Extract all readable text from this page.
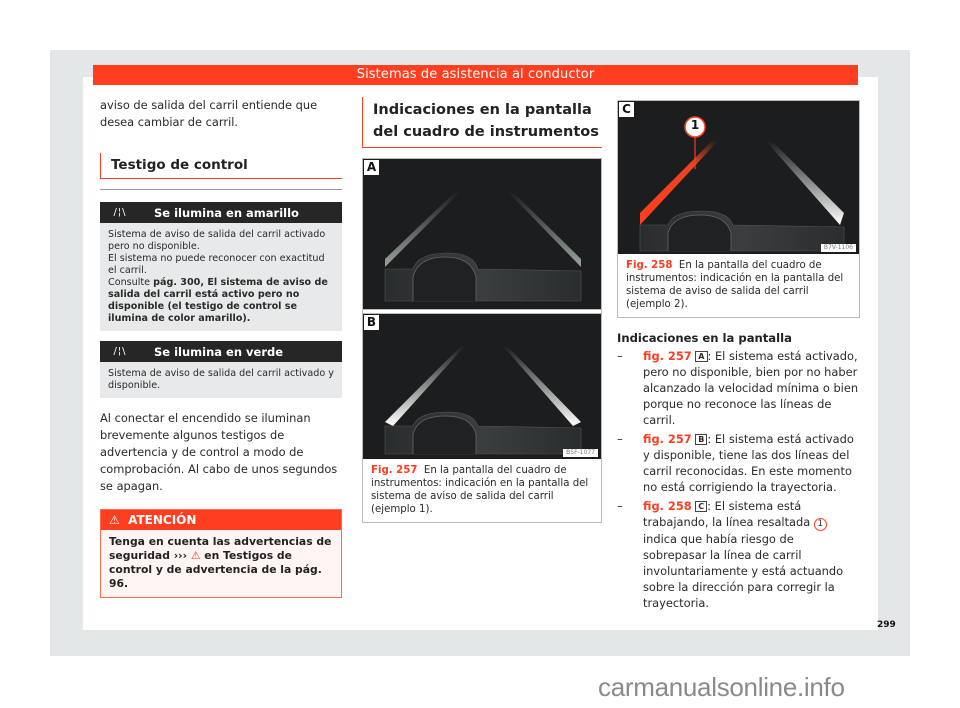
Sistemas de asistencia al conductor

aviso de salida del carril entiende que desea cambiar de carril.

Testigo de control
/¦\	Se ilumina en amarillo
Sistema de aviso de salida del carril activado pero no disponible.
El sistema no puede reconocer con exactitud el carril.
Consulte pág. 300, El sistema de aviso de salida del carril está activo pero no disponible (el testigo de control se ilumina de color amarillo).
/¦\	Se ilumina en verde
Sistema de aviso de salida del carril activado y disponible.

Al conectar el encendido se iluminan brevemente algunos testigos de advertencia y de control a modo de comprobación. Al cabo de unos segundos se apagan.

⚠ ATENCIÓN
Tenga en cuenta las advertencias de seguridad ››› ⚠ en Testigos de control y de advertencia de la pág. 96.
Indicaciones en la pantalla del cuadro de instrumentos
A
B
B5F-1077
Fig. 257 En la pantalla del cuadro de instrumentos: indicación en la pantalla del sistema de aviso de salida del carril (ejemplo 1).
C
1
B7V-1106
Fig. 258 En la pantalla del cuadro de instrumentos: indicación en la pantalla del sistema de aviso de salida del carril (ejemplo 2).
Indicaciones en la pantalla
–	fig. 257 A : El sistema está activado, pero no disponible, bien por no haber alcanzado la velocidad mínima o bien porque no reconoce las líneas de carril.
–	fig. 257 B : El sistema está activado y disponible, tiene las dos líneas del carril reconocidas. En este momento no está corrigiendo la trayectoria.
–	fig. 258 C : El sistema está trabajando, la línea resaltada 1 indica que había riesgo de sobrepasar la línea de carril involuntariamente y está actuando sobre la dirección para corregir la trayectoria.
299
carmanualsonline.info
